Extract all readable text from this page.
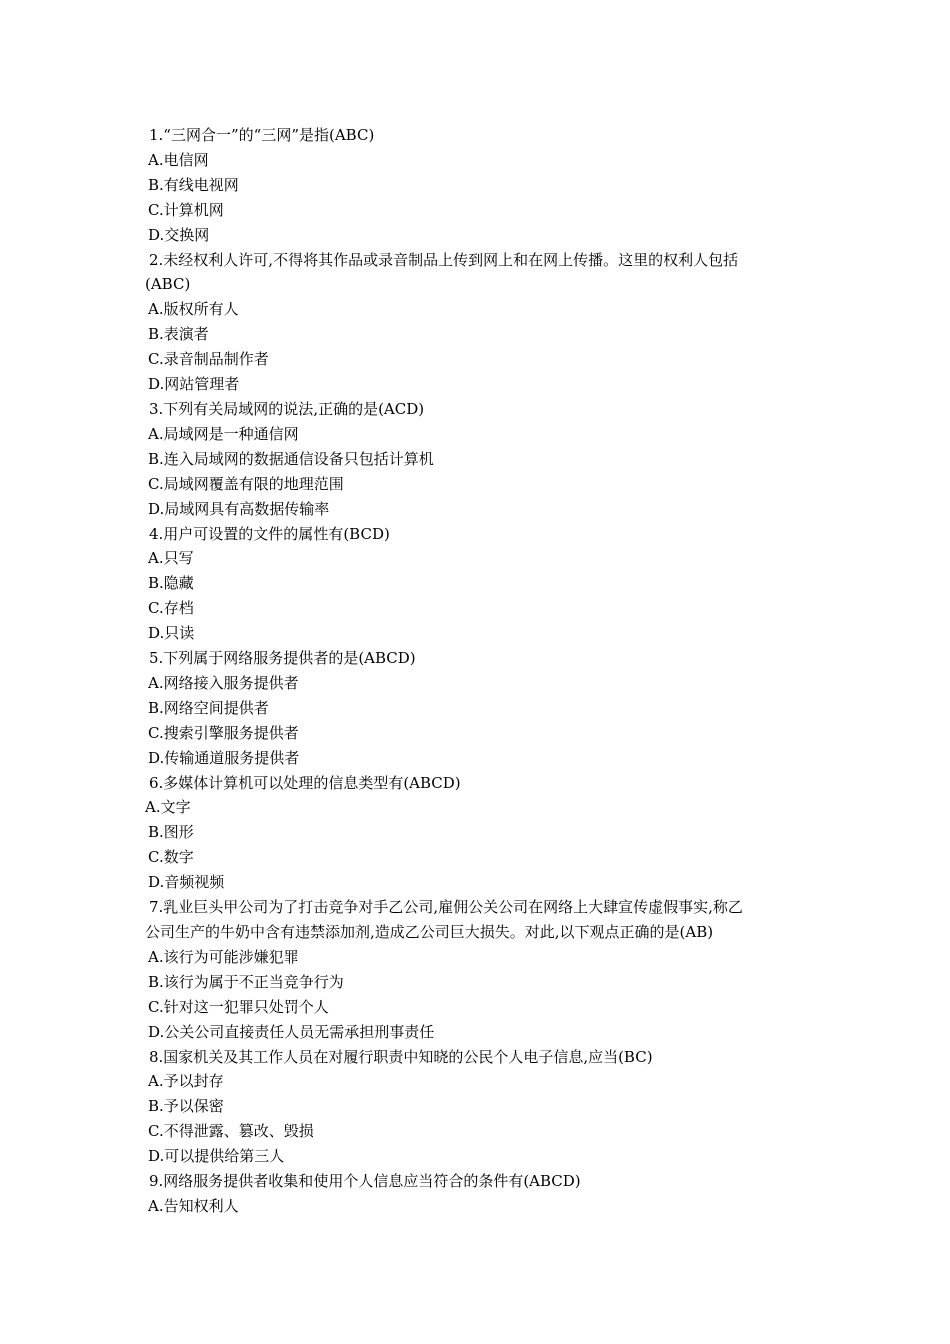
1.“三网合一”的“三网”是指(ABC)
A.电信网
B.有线电视网
C.计算机网
D.交换网
2.未经权利人许可,不得将其作品或录音制品上传到网上和在网上传播。这里的权利人包括
(ABC)
A.版权所有人
B.表演者
C.录音制品制作者
D.网站管理者
3.下列有关局域网的说法,正确的是(ACD)
A.局域网是一种通信网
B.连入局域网的数据通信设备只包括计算机
C.局域网覆盖有限的地理范围
D.局域网具有高数据传输率
4.用户可设置的文件的属性有(BCD)
A.只写
B.隐藏
C.存档
D.只读
5.下列属于网络服务提供者的是(ABCD)
A.网络接入服务提供者
B.网络空间提供者
C.搜索引擎服务提供者
D.传输通道服务提供者
6.多媒体计算机可以处理的信息类型有(ABCD)
A.文字
B.图形
C.数字
D.音频视频
7.乳业巨头甲公司为了打击竞争对手乙公司,雇佣公关公司在网络上大肆宣传虚假事实,称乙
公司生产的牛奶中含有违禁添加剂,造成乙公司巨大损失。对此,以下观点正确的是(AB)
A.该行为可能涉嫌犯罪
B.该行为属于不正当竞争行为
C.针对这一犯罪只处罚个人
D.公关公司直接责任人员无需承担刑事责任
8.国家机关及其工作人员在对履行职责中知晓的公民个人电子信息,应当(BC)
A.予以封存
B.予以保密
C.不得泄露、篡改、毁损
D.可以提供给第三人
9.网络服务提供者收集和使用个人信息应当符合的条件有(ABCD)
A.告知权利人
